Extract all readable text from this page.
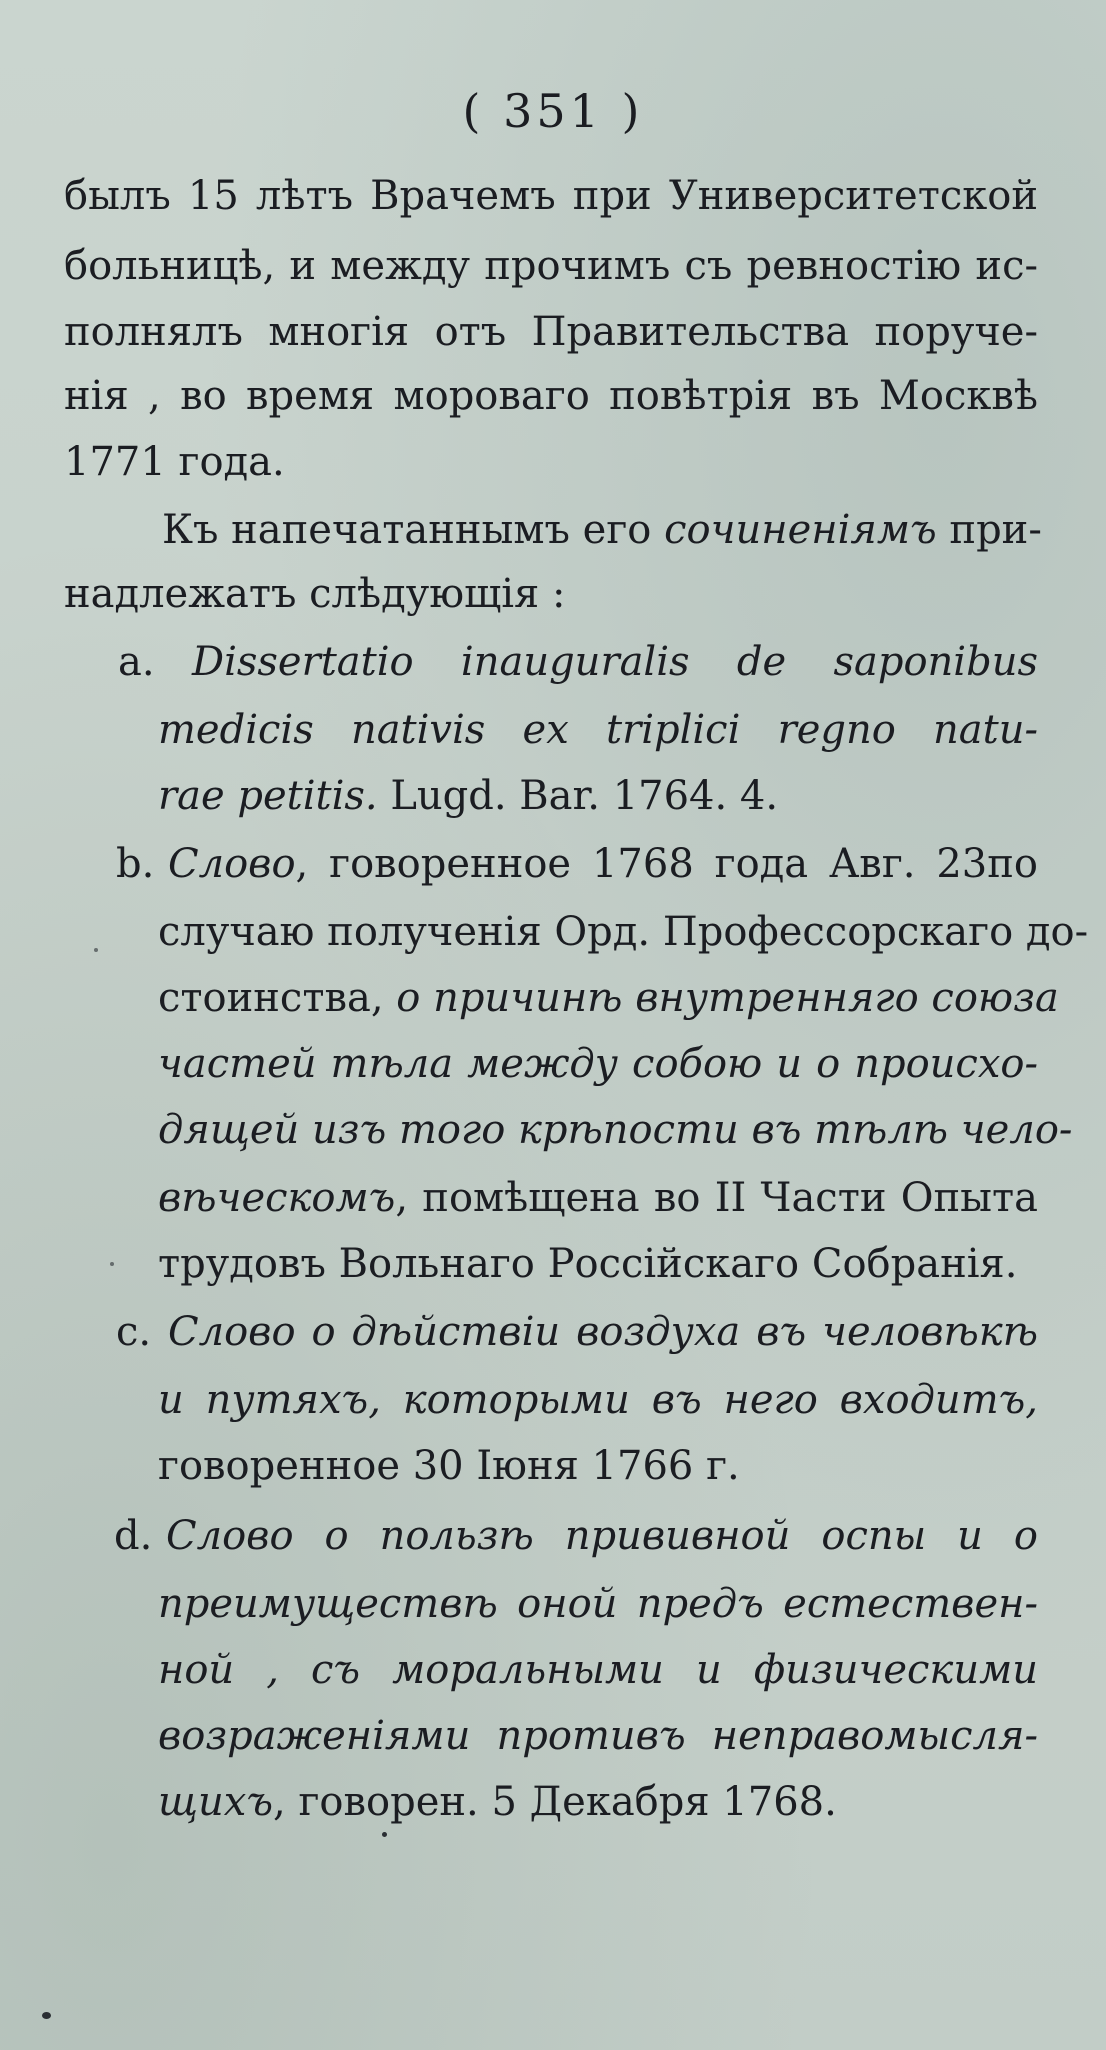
( 351 )
былъ 15 лѣтъ Врачемъ при Университетской
больницѣ, и между прочимъ съ ревностію ис-
полнялъ многія отъ Правительства поруче-
нія , во время мороваго повѣтрія въ Москвѣ
1771 года.
Къ напечатаннымъ его сочиненіямъ при-
надлежатъ слѣдующія :
a. Dissertatio inauguralis de saponibus
medicis nativis ex triplici regno natu-
rae petitis. Lugd. Bar. 1764. 4.
b. Слово, говоренное 1768 года Авг. 23по
случаю полученія Орд. Профессорскаго до-
стоинства, о причинѣ внутренняго союза
частей тѣла между собою и о происхо-
дящей изъ того крѣпости въ тѣлѣ чело-
вѣческомъ, помѣщена во II Части Опыта
трудовъ Вольнаго Россійскаго Собранія.
c. Слово о дѣйствіи воздуха въ человѣкѣ
и путяхъ, которыми въ него входитъ,
говоренное 30 Іюня 1766 г.
d. Слово о пользѣ прививной оспы и о
преимуществѣ оной предъ естествен-
ной , съ моральными и физическими
возраженіями противъ неправомысля-
щихъ, говорен. 5 Декабря 1768.
